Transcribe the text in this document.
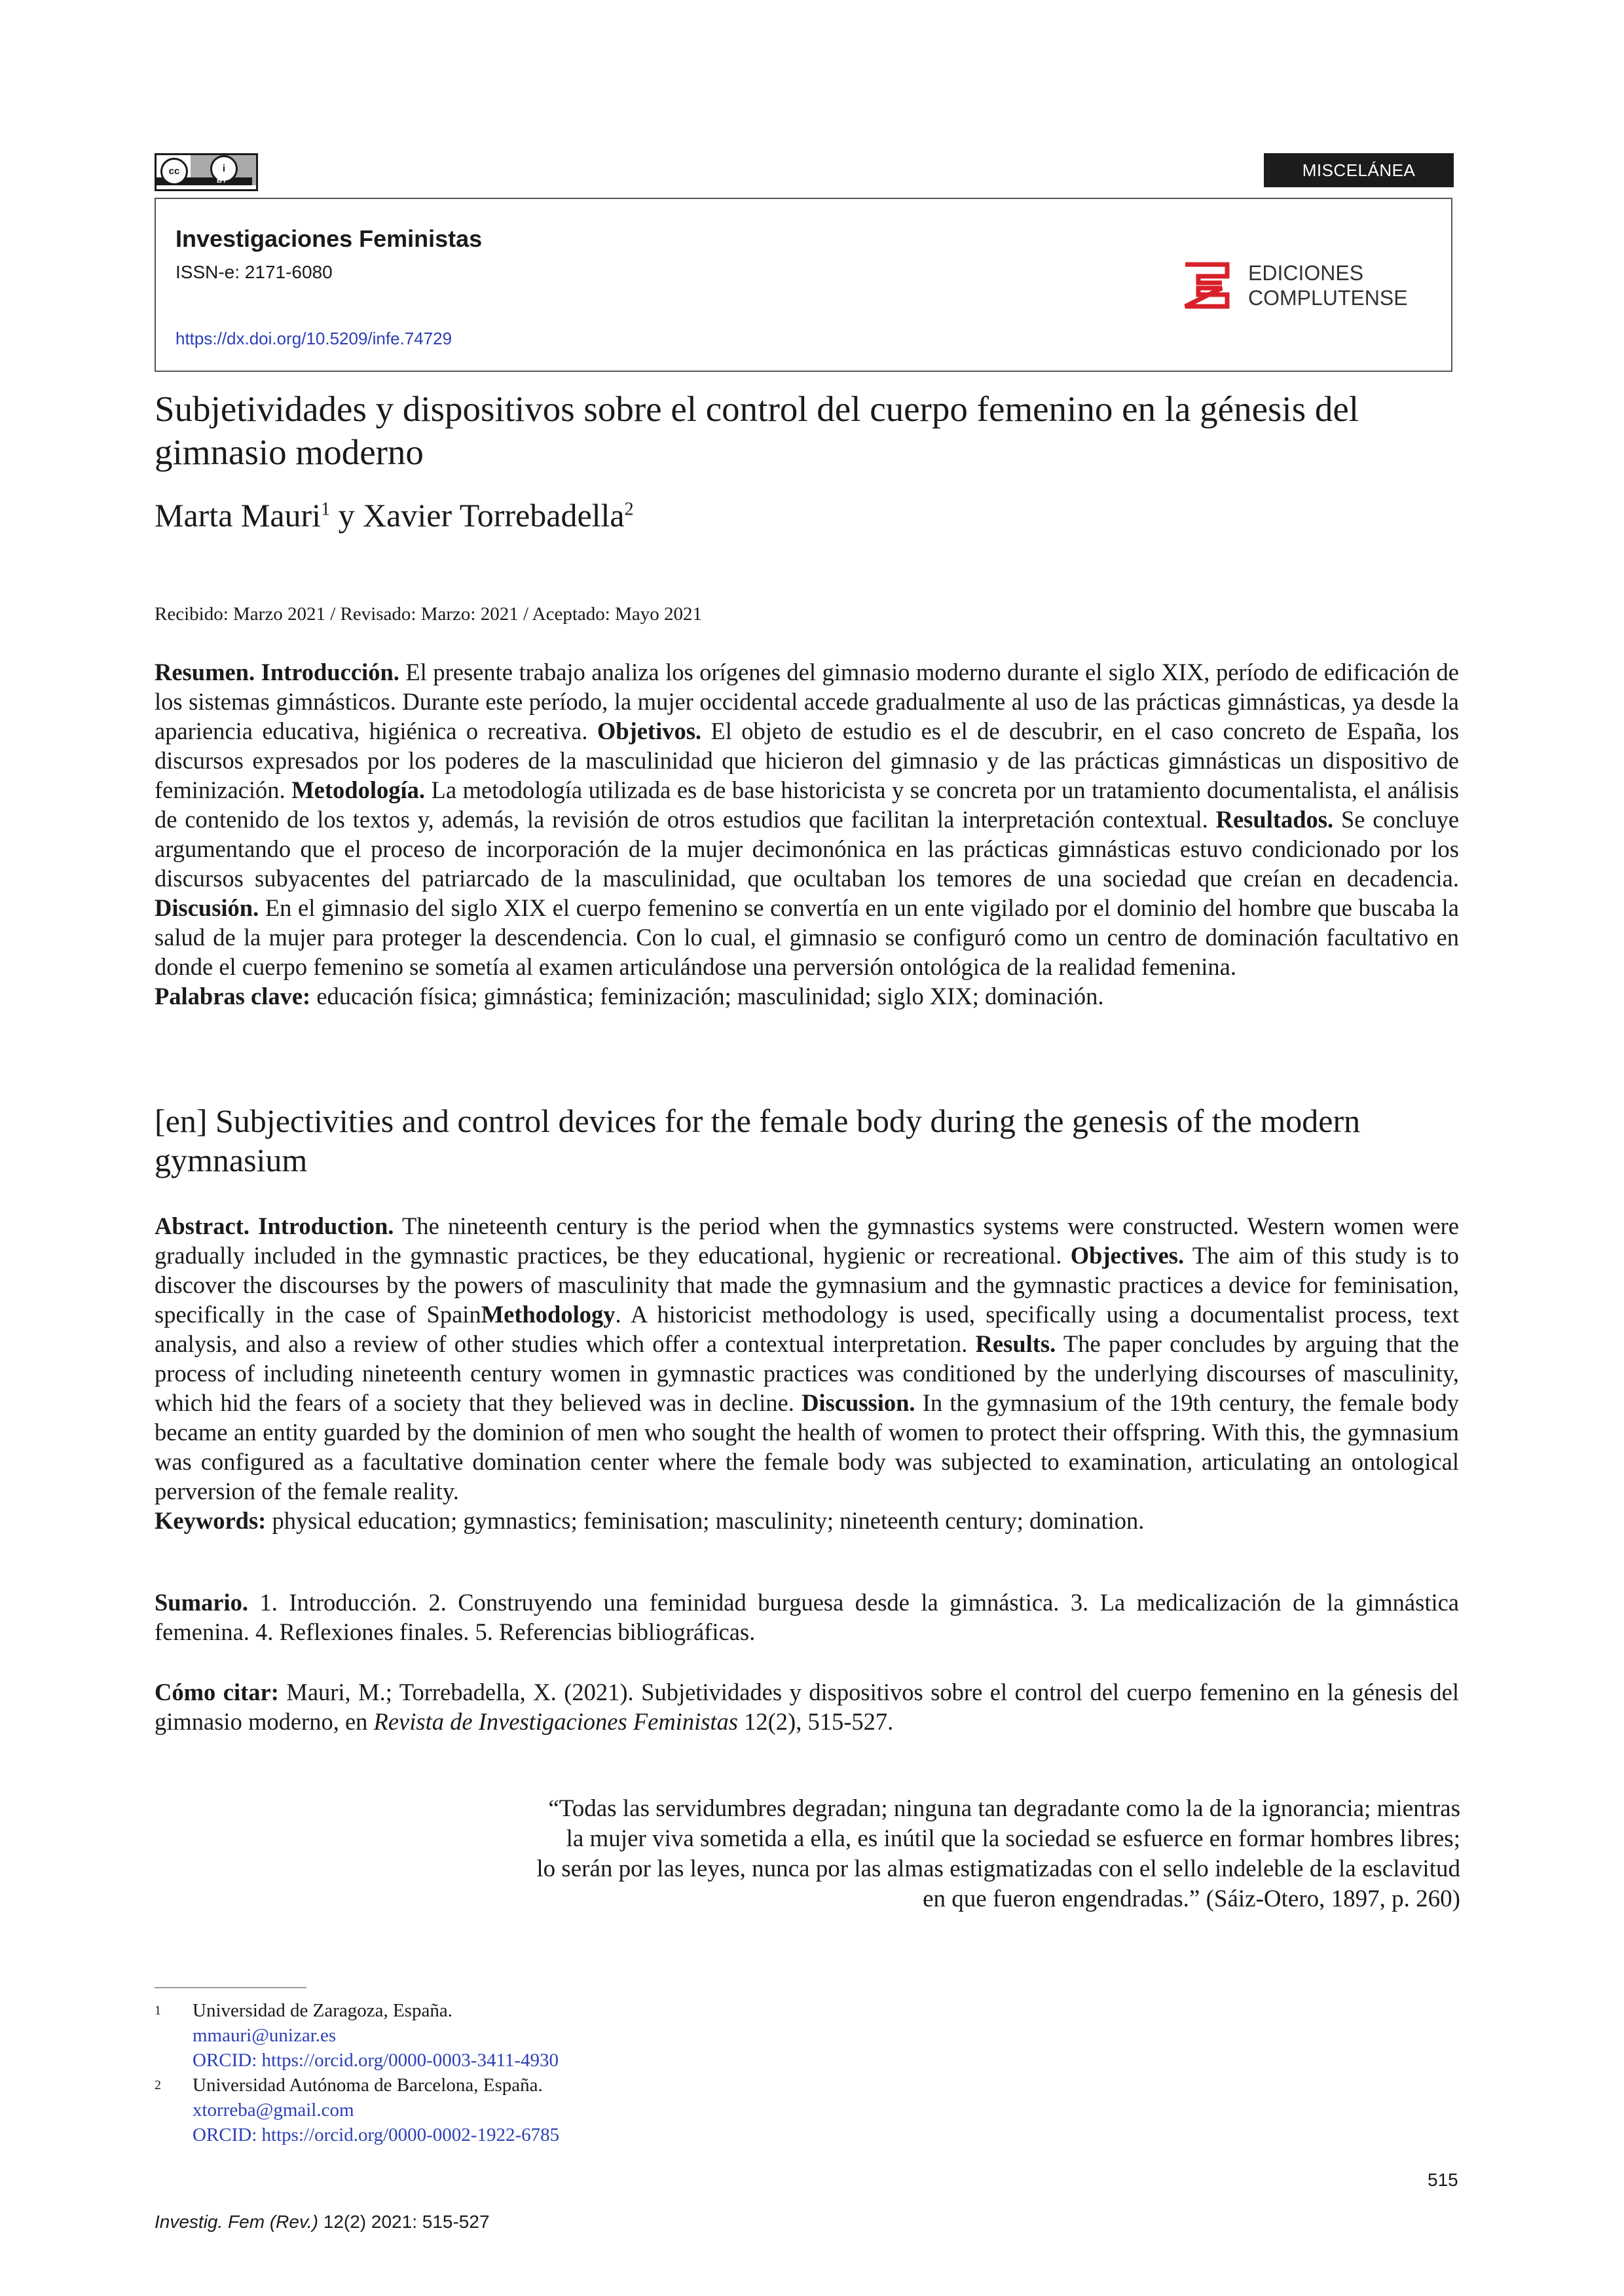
cc	i
BY
MISCELÁNEA
Investigaciones Feministas
ISSN-e: 2171-6080
https://dx.doi.org/10.5209/infe.74729
EDICIONES
COMPLUTENSE
Subjetividades y dispositivos sobre el control del cuerpo femenino en la génesis del gimnasio moderno
Marta Mauri$^1$ y Xavier Torrebadella$^2$
Recibido: Marzo 2021 / Revisado: Marzo: 2021 / Aceptado: Mayo 2021
Resumen. Introducción. El presente trabajo analiza los orígenes del gimnasio moderno durante el siglo XIX, período de edificación de los sistemas gimnásticos. Durante este período, la mujer occidental accede gradualmente al uso de las prácticas gimnásticas, ya desde la apariencia educativa, higiénica o recreativa. Objetivos. El objeto de estudio es el de descubrir, en el caso concreto de España, los discursos expresados por los poderes de la masculinidad que hicieron del gimnasio y de las prácticas gimnásticas un dispositivo de feminización. Metodología. La metodología utilizada es de base historicista y se concreta por un tratamiento documentalista, el análisis de contenido de los textos y, además, la revisión de otros estudios que facilitan la interpretación contextual. Resultados. Se concluye argumentando que el proceso de incorporación de la mujer decimonónica en las prácticas gimnásticas estuvo condicionado por los discursos subyacentes del patriarcado de la masculinidad, que ocultaban los temores de una sociedad que creían en decadencia. Discusión. En el gimnasio del siglo XIX el cuerpo femenino se convertía en un ente vigilado por el dominio del hombre que buscaba la salud de la mujer para proteger la descendencia. Con lo cual, el gimnasio se configuró como un centro de dominación facultativo en donde el cuerpo femenino se sometía al examen articulándose una perversión ontológica de la realidad femenina.
Palabras clave: educación física; gimnástica; feminización; masculinidad; siglo XIX; dominación.
[en] Subjectivities and control devices for the female body during the genesis of the modern gymnasium
Abstract. Introduction. The nineteenth century is the period when the gymnastics systems were constructed. Western women were gradually included in the gymnastic practices, be they educational, hygienic or recreational. Objectives. The aim of this study is to discover the discourses by the powers of masculinity that made the gymnasium and the gymnastic practices a device for feminisation, specifically in the case of SpainMethodology. A historicist methodology is used, specifically using a documentalist process, text analysis, and also a review of other studies which offer a contextual interpretation. Results. The paper concludes by arguing that the process of including nineteenth century women in gymnastic practices was conditioned by the underlying discourses of masculinity, which hid the fears of a society that they believed was in decline. Discussion. In the gymnasium of the 19th century, the female body became an entity guarded by the dominion of men who sought the health of women to protect their offspring. With this, the gymnasium was configured as a facultative domination center where the female body was subjected to examination, articulating an ontological perversion of the female reality.
Keywords: physical education; gymnastics; feminisation; masculinity; nineteenth century; domination.
Sumario. 1. Introducción. 2. Construyendo una feminidad burguesa desde la gimnástica. 3. La medicalización de la gimnástica femenina. 4. Reflexiones finales. 5. Referencias bibliográficas.
Cómo citar: Mauri, M.; Torrebadella, X. (2021). Subjetividades y dispositivos sobre el control del cuerpo femenino en la génesis del gimnasio moderno, en Revista de Investigaciones Feministas 12(2), 515-527.
“Todas las servidumbres degradan; ninguna tan degradante como la de la ignorancia; mientras
la mujer viva sometida a ella, es inútil que la sociedad se esfuerce en formar hombres libres;
lo serán por las leyes, nunca por las almas estigmatizadas con el sello indeleble de la esclavitud
en que fueron engendradas.” (Sáiz-Otero, 1897, p. 260)
1 Universidad de Zaragoza, España.
mmauri@unizar.es
ORCID: https://orcid.org/0000-0003-3411-4930
2 Universidad Autónoma de Barcelona, España.
xtorreba@gmail.com
ORCID: https://orcid.org/0000-0002-1922-6785
515
Investig. Fem (Rev.) 12(2) 2021: 515-527
